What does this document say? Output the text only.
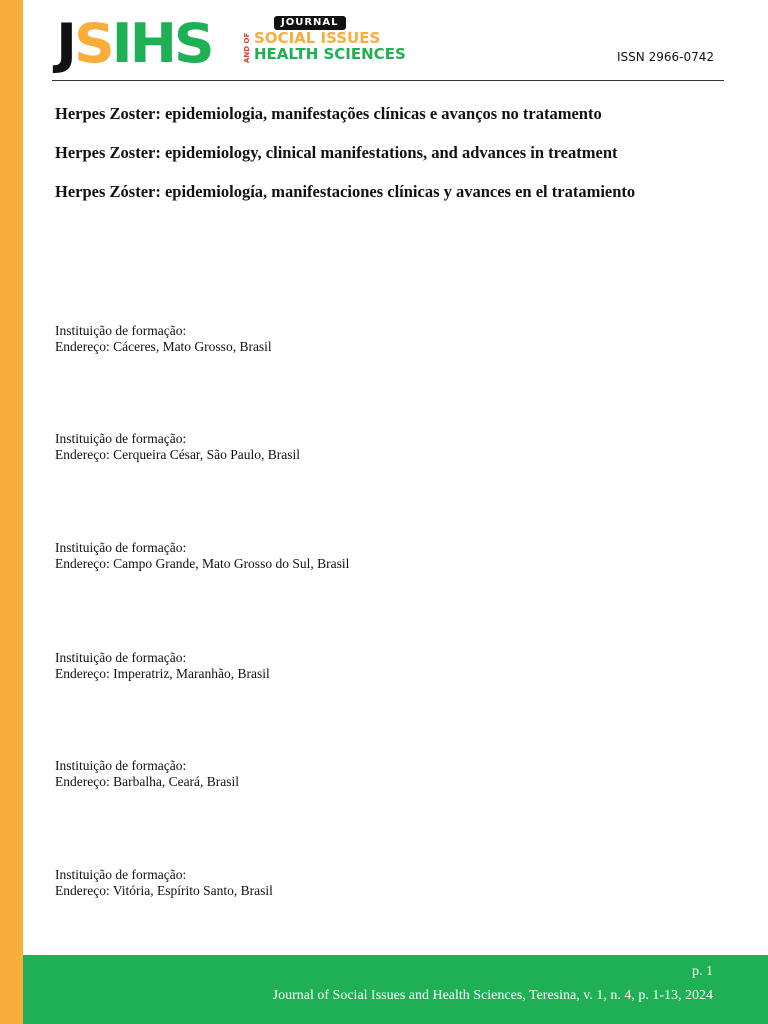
JSIHS	JOURNAL
AND OF SOCIAL ISSUES
HEALTH SCIENCES	ISSN 2966-0742

Herpes Zoster: epidemiologia, manifestações clínicas e avanços no tratamento

Herpes Zoster: epidemiology, clinical manifestations, and advances in treatment

Herpes Zóster: epidemiología, manifestaciones clínicas y avances en el tratamiento

Instituição de formação:
Endereço: Cáceres, Mato Grosso, Brasil
Instituição de formação:
Endereço: Cerqueira César, São Paulo, Brasil
Instituição de formação:
Endereço: Campo Grande, Mato Grosso do Sul, Brasil
Instituição de formação:
Endereço: Imperatriz, Maranhão, Brasil
Instituição de formação:
Endereço: Barbalha, Ceará, Brasil
Instituição de formação:
Endereço: Vitória, Espírito Santo, Brasil
p. 1
Journal of Social Issues and Health Sciences, Teresina, v. 1, n. 4, p. 1-13, 2024
